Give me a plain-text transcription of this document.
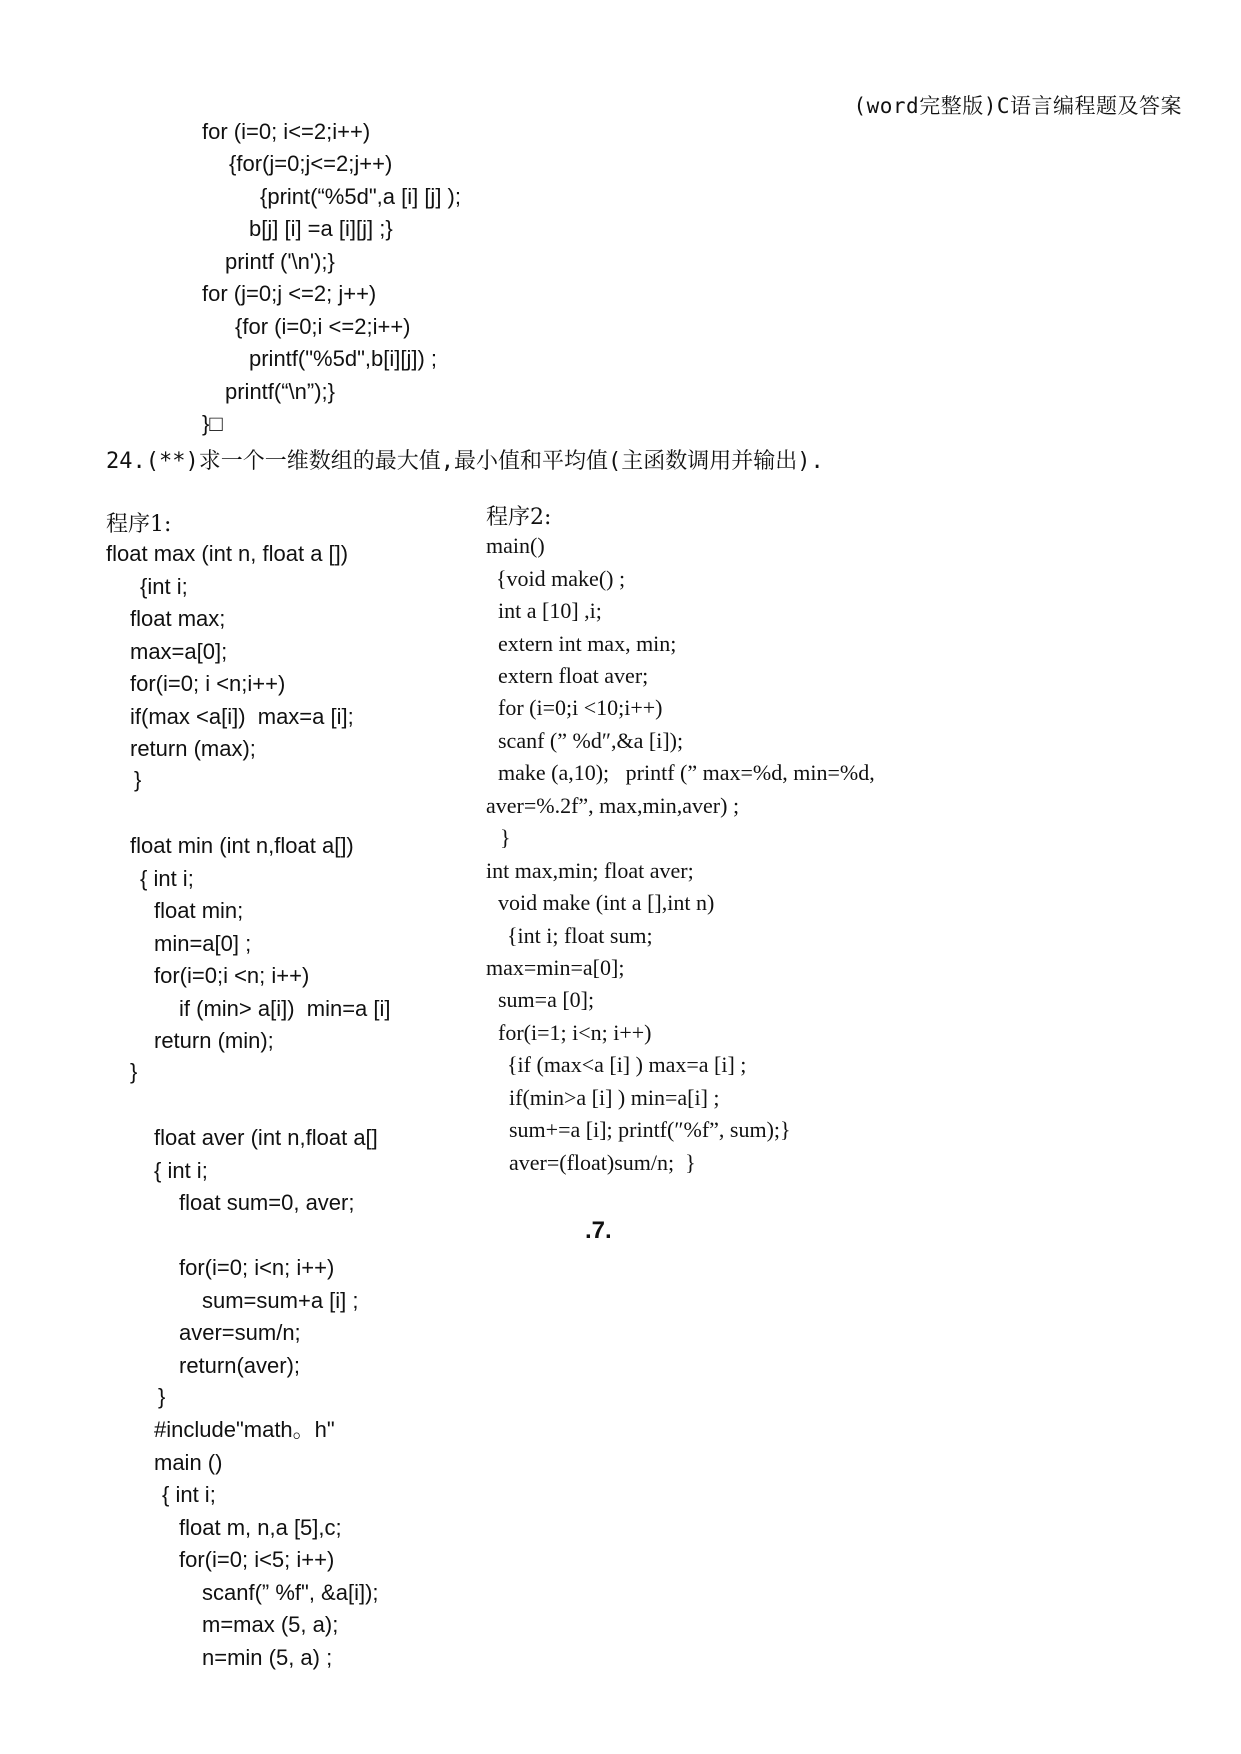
(word完整版)C语言编程题及答案
for (i=0; i<=2;i++)
{for(j=0;j<=2;j++)
{print(“%5d",a [i] [j] );
b[j] [i] =a [i][j] ;}
printf ('\n');}
for (j=0;j <=2; j++)
{for (i=0;i <=2;i++)
printf("%5d",b[i][j]) ;
printf(“\n”);}
}□
24.(**)求一个一维数组的最大值,最小值和平均值(主函数调用并输出).
程序1:
float max (int n, float a [])
{int i;
float max;
max=a[0];
for(i=0; i <n;i++)
if(max <a[i])  max=a [i];
return (max);
}
float min (int n,float a[])
{ int i;
float min;
min=a[0] ;
for(i=0;i <n; i++)
if (min> a[i])  min=a [i]
return (min);
}
float aver (int n,float a[]
{ int i;
float sum=0, aver;
for(i=0; i<n; i++)
sum=sum+a [i] ;
aver=sum/n;
return(aver);
}
#include"math。h"
main ()
{ int i;
float m, n,a [5],c;
for(i=0; i<5; i++)
scanf(” %f", &a[i]);
m=max (5, a);
n=min (5, a) ;
程序2:
main()
{void make() ;
int a [10] ,i;
extern int max, min;
extern float aver;
for (i=0;i <10;i++)
scanf (” %d″,&a [i]);
make (a,10);   printf (” max=%d, min=%d,
aver=%.2f”, max,min,aver) ;
}
int max,min; float aver;
void make (int a [],int n)
{int i; float sum;
max=min=a[0];
sum=a [0];
for(i=1; i<n; i++)
{if (max<a [i] ) max=a [i] ;
if(min>a [i] ) min=a[i] ;
sum+=a [i]; printf(″%f”, sum);}
aver=(float)sum/n;  }
.7.
